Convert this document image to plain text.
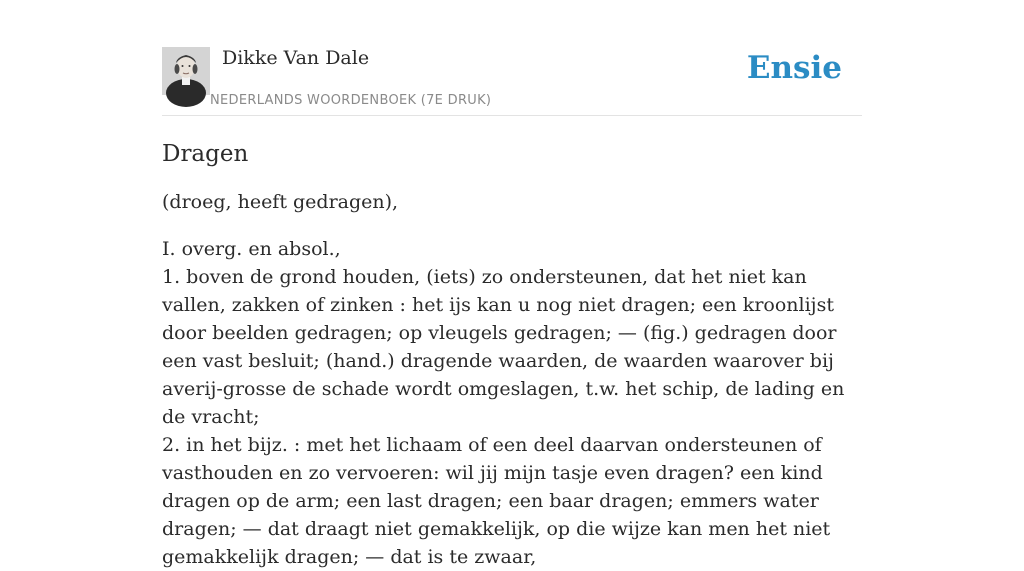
Dikke Van Dale
NEDERLANDS WOORDENBOEK (7E DRUK)
Ensie
Dragen

(droeg, heeft gedragen),

I. overg. en absol.,
1. boven de grond houden, (iets) zo ondersteunen, dat het niet kan vallen, zakken of zinken : het ijs kan u nog niet dragen; een kroonlijst door beelden gedragen; op vleugels gedragen; — (fig.) gedragen door een vast besluit; (hand.) dragende waarden, de waarden waarover bij averij-grosse de schade wordt omgeslagen, t.w. het schip, de lading en de vracht;
2. in het bijz. : met het lichaam of een deel daarvan ondersteunen of vasthouden en zo vervoeren: wil jij mijn tasje even dragen? een kind dragen op de arm; een last dragen; een baar dragen; emmers water dragen; — dat draagt niet gemakkelijk, op die wijze kan men het niet gemakkelijk dragen; — dat is te zwaar,
